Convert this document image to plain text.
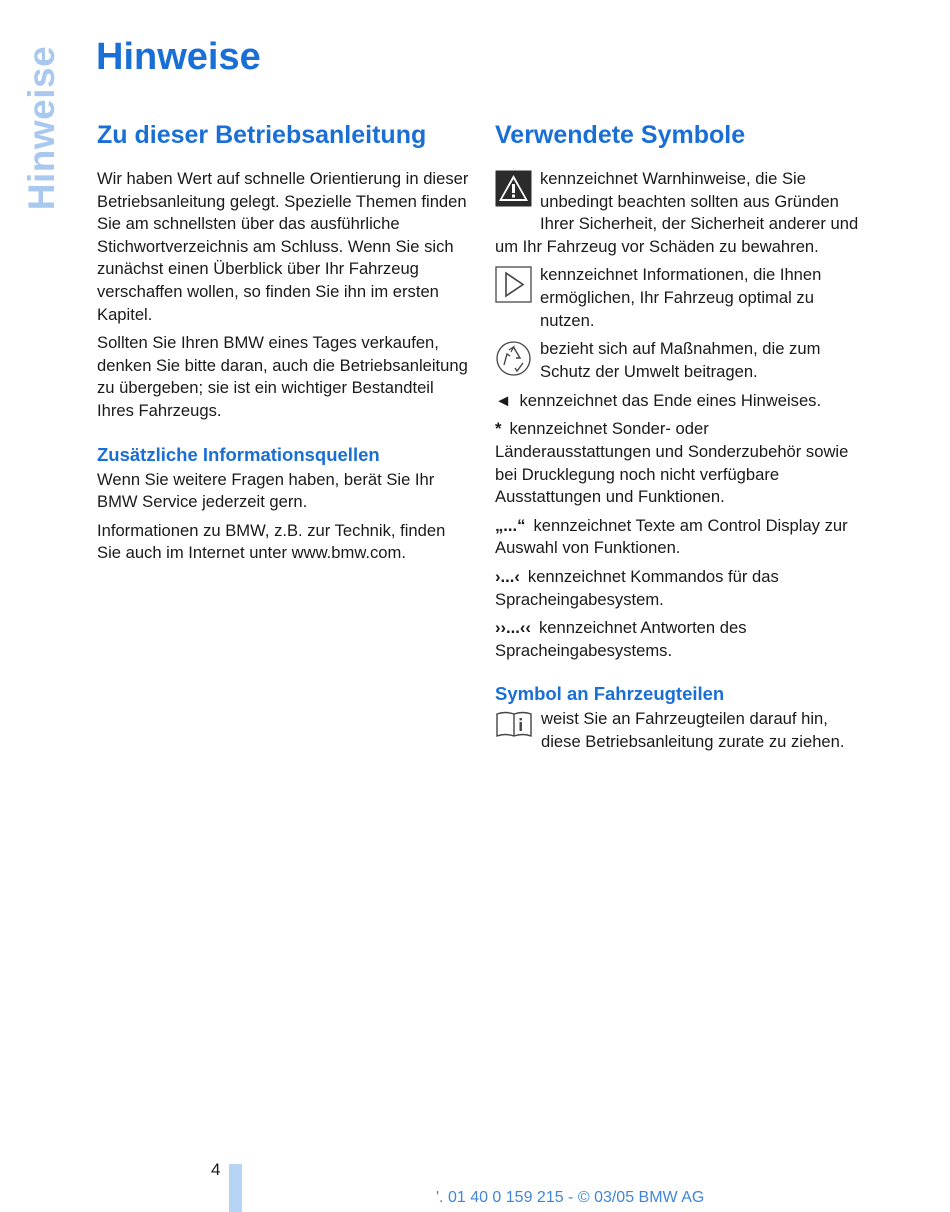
Hinweise Hinweise
Zu dieser Betriebsanleitung

Wir haben Wert auf schnelle Orientierung in dieser Betriebsanleitung gelegt. Spezielle Themen finden Sie am schnellsten über das ausführliche Stichwortverzeichnis am Schluss. Wenn Sie sich zunächst einen Überblick über Ihr Fahrzeug verschaffen wollen, so finden Sie ihn im ersten Kapitel.

Sollten Sie Ihren BMW eines Tages verkaufen, denken Sie bitte daran, auch die Betriebsanleitung zu übergeben; sie ist ein wichtiger Bestandteil Ihres Fahrzeugs.

Zusätzliche Informationsquellen

Wenn Sie weitere Fragen haben, berät Sie Ihr BMW Service jederzeit gern.

Informationen zu BMW, z.B. zur Technik, finden Sie auch im Internet unter www.bmw.com.

Verwendete Symbole
kennzeichnet Warnhinweise, die Sie unbedingt beachten sollten aus Gründen Ihrer Sicherheit, der Sicherheit anderer und um Ihr Fahrzeug vor Schäden zu bewahren.
kennzeichnet Informationen, die Ihnen ermöglichen, Ihr Fahrzeug optimal zu nutzen.
bezieht sich auf Maßnahmen, die zum Schutz der Umwelt beitragen.

◄ kennzeichnet das Ende eines Hinweises.

* kennzeichnet Sonder- oder Länderausstattungen und Sonderzubehör sowie bei Drucklegung noch nicht verfügbare Ausstattungen und Funktionen.

„...“ kennzeichnet Texte am Control Display zur Auswahl von Funktionen.

›...‹ kennzeichnet Kommandos für das Spracheingabesystem.

››...‹‹ kennzeichnet Antworten des Spracheingabesystems.

Symbol an Fahrzeugteilen
weist Sie an Fahrzeugteilen darauf hin, diese Betriebsanleitung zurate zu ziehen.
4
'. 01 40 0 159 215 - © 03/05 BMW AG
